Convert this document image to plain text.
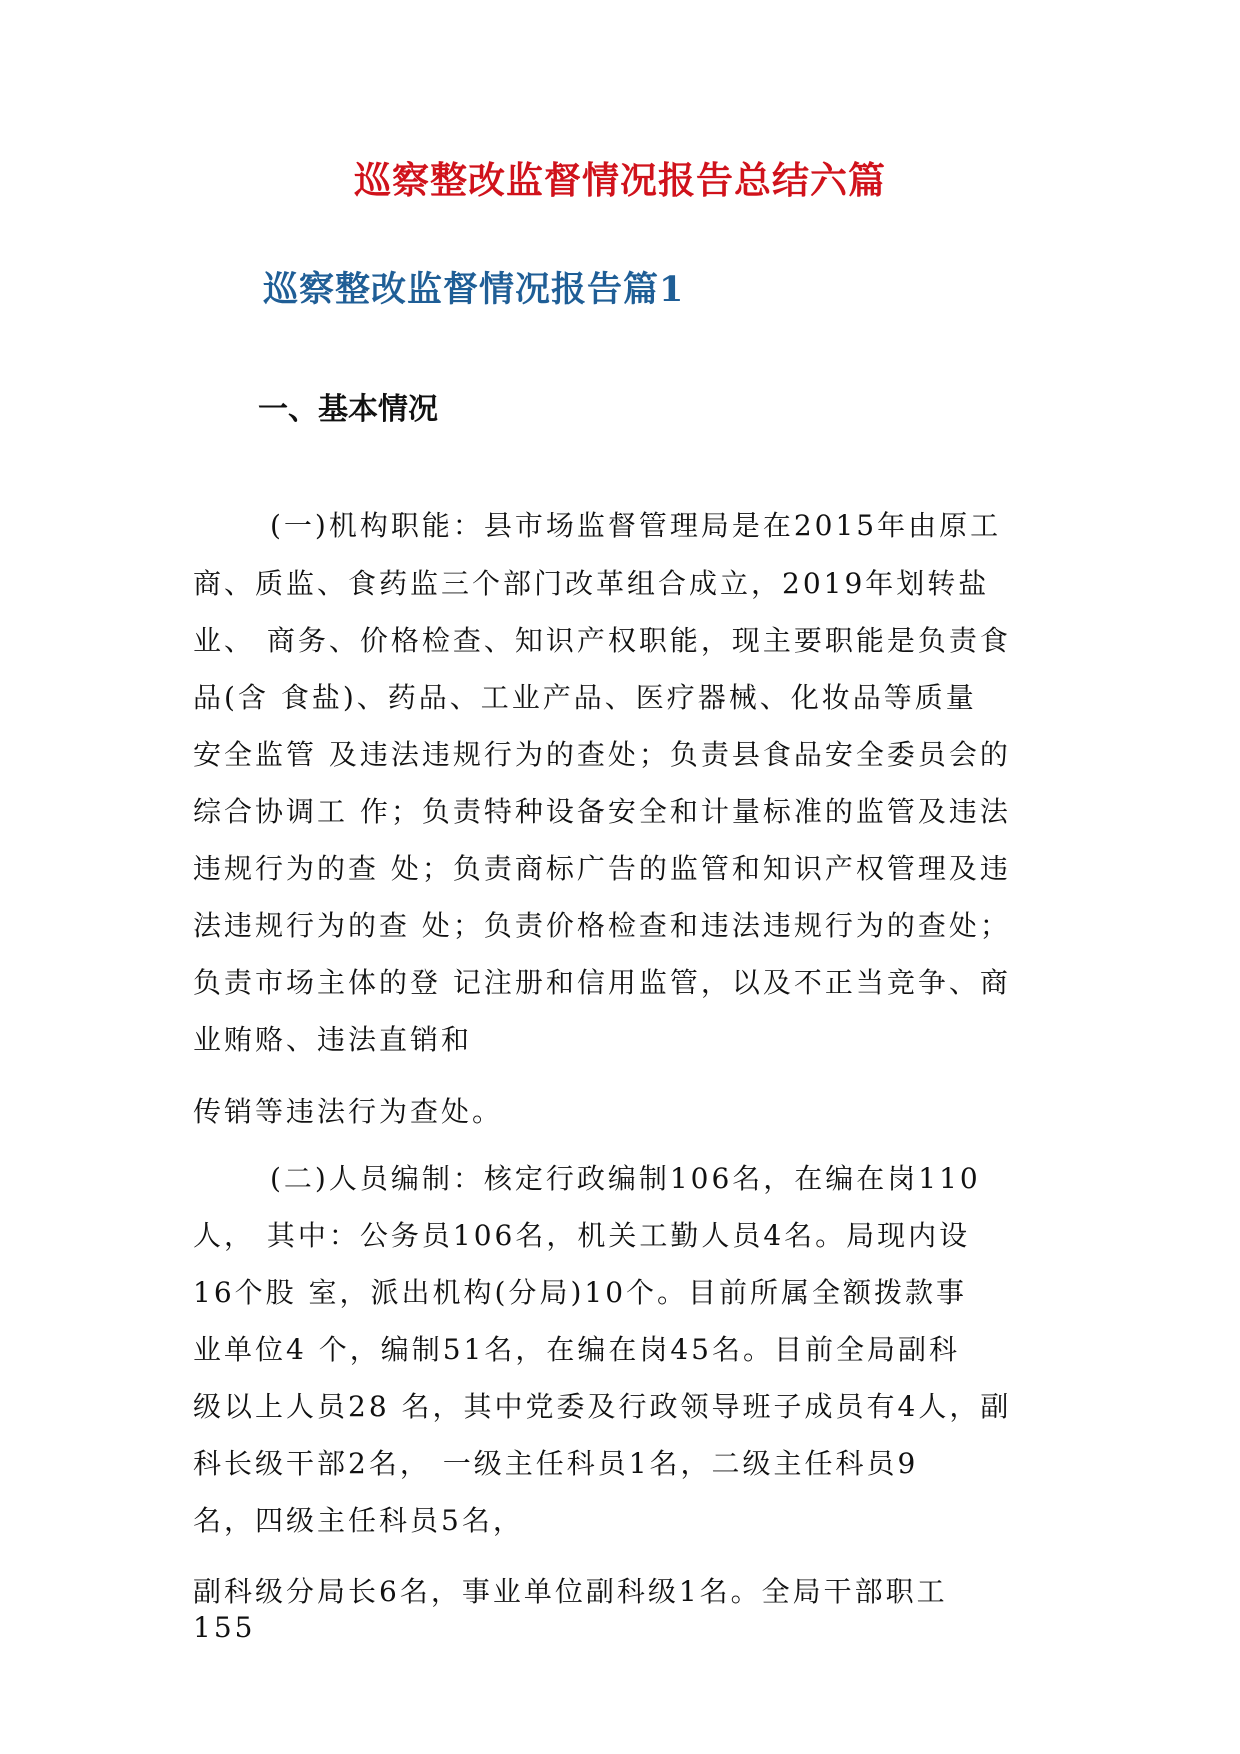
巡察整改监督情况报告总结六篇
巡察整改监督情况报告篇1
一、基本情况
(一)机构职能：县市场监督管理局是在2015年由原工
商、质监、食药监三个部门改革组合成立，2019年划转盐
业、 商务、价格检查、知识产权职能，现主要职能是负责食
品(含 食盐)、药品、工业产品、医疗器械、化妆品等质量
安全监管 及违法违规行为的查处；负责县食品安全委员会的
综合协调工 作；负责特种设备安全和计量标准的监管及违法
违规行为的查 处；负责商标广告的监管和知识产权管理及违
法违规行为的查 处；负责价格检查和违法违规行为的查处；
负责市场主体的登 记注册和信用监管，以及不正当竞争、商
业贿赂、违法直销和
传销等违法行为查处。
(二)人员编制：核定行政编制106名，在编在岗110
人， 其中：公务员106名，机关工勤人员4名。局现内设
16个股 室，派出机构(分局)10个。目前所属全额拨款事
业单位4 个，编制51名，在编在岗45名。目前全局副科
级以上人员28 名，其中党委及行政领导班子成员有4人，副
科长级干部2名， 一级主任科员1名，二级主任科员9
名，四级主任科员5名，
副科级分局长6名，事业单位副科级1名。全局干部职工
155
